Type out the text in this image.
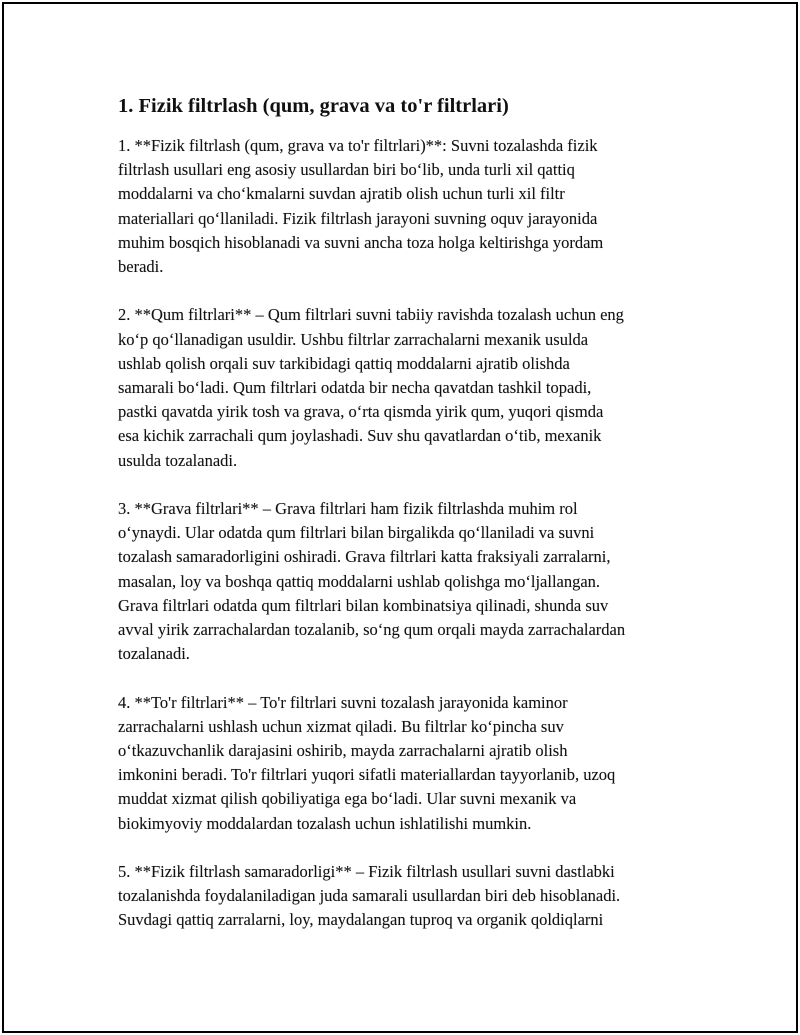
1. Fizik filtrlash (qum, grava va to'r filtrlari)

1. **Fizik filtrlash (qum, grava va to'r filtrlari)**: Suvni tozalashda fizik
filtrlash usullari eng asosiy usullardan biri bo‘lib, unda turli xil qattiq
moddalarni va cho‘kmalarni suvdan ajratib olish uchun turli xil filtr
materiallari qo‘llaniladi. Fizik filtrlash jarayoni suvning oquv jarayonida
muhim bosqich hisoblanadi va suvni ancha toza holga keltirishga yordam
beradi.

2. **Qum filtrlari** – Qum filtrlari suvni tabiiy ravishda tozalash uchun eng
ko‘p qo‘llanadigan usuldir. Ushbu filtrlar zarrachalarni mexanik usulda
ushlab qolish orqali suv tarkibidagi qattiq moddalarni ajratib olishda
samarali bo‘ladi. Qum filtrlari odatda bir necha qavatdan tashkil topadi,
pastki qavatda yirik tosh va grava, o‘rta qismda yirik qum, yuqori qismda
esa kichik zarrachali qum joylashadi. Suv shu qavatlardan o‘tib, mexanik
usulda tozalanadi.

3. **Grava filtrlari** – Grava filtrlari ham fizik filtrlashda muhim rol
o‘ynaydi. Ular odatda qum filtrlari bilan birgalikda qo‘llaniladi va suvni
tozalash samaradorligini oshiradi. Grava filtrlari katta fraksiyali zarralarni,
masalan, loy va boshqa qattiq moddalarni ushlab qolishga mo‘ljallangan.
Grava filtrlari odatda qum filtrlari bilan kombinatsiya qilinadi, shunda suv
avval yirik zarrachalardan tozalanib, so‘ng qum orqali mayda zarrachalardan
tozalanadi.

4. **To'r filtrlari** – To'r filtrlari suvni tozalash jarayonida kaminor
zarrachalarni ushlash uchun xizmat qiladi. Bu filtrlar ko‘pincha suv
o‘tkazuvchanlik darajasini oshirib, mayda zarrachalarni ajratib olish
imkonini beradi. To'r filtrlari yuqori sifatli materiallardan tayyorlanib, uzoq
muddat xizmat qilish qobiliyatiga ega bo‘ladi. Ular suvni mexanik va
biokimyoviy moddalardan tozalash uchun ishlatilishi mumkin.

5. **Fizik filtrlash samaradorligi** – Fizik filtrlash usullari suvni dastlabki
tozalanishda foydalaniladigan juda samarali usullardan biri deb hisoblanadi.
Suvdagi qattiq zarralarni, loy, maydalangan tuproq va organik qoldiqlarni
